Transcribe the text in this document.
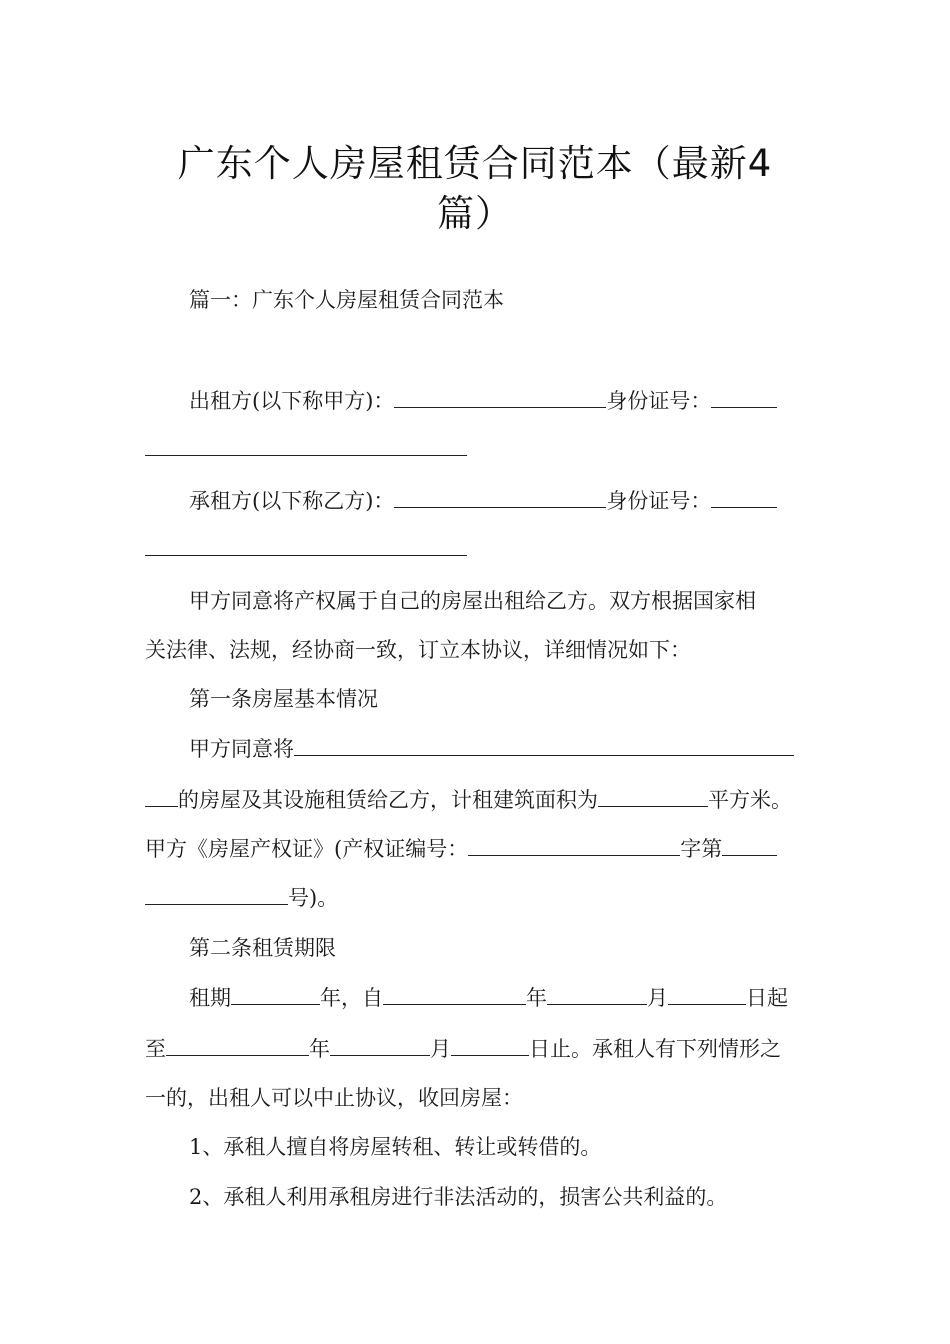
广东个人房屋租赁合同范本（最新4
篇）
篇一：广东个人房屋租赁合同范本
出租方(以下称甲方)：	身份证号：
承租方(以下称乙方)：	身份证号：
甲方同意将产权属于自己的房屋出租给乙方。双方根据国家相
关法律、法规，经协商一致，订立本协议，详细情况如下：
第一条房屋基本情况
甲方同意将
的房屋及其设施租赁给乙方，计租建筑面积为	平方米。
甲方《房屋产权证》(产权证编号：	字第
号)。
第二条租赁期限
租期	年，自	年	月	日起
至	年	月	日止。承租人有下列情形之
一的，出租人可以中止协议，收回房屋：
1、承租人擅自将房屋转租、转让或转借的。
2、承租人利用承租房进行非法活动的，损害公共利益的。
